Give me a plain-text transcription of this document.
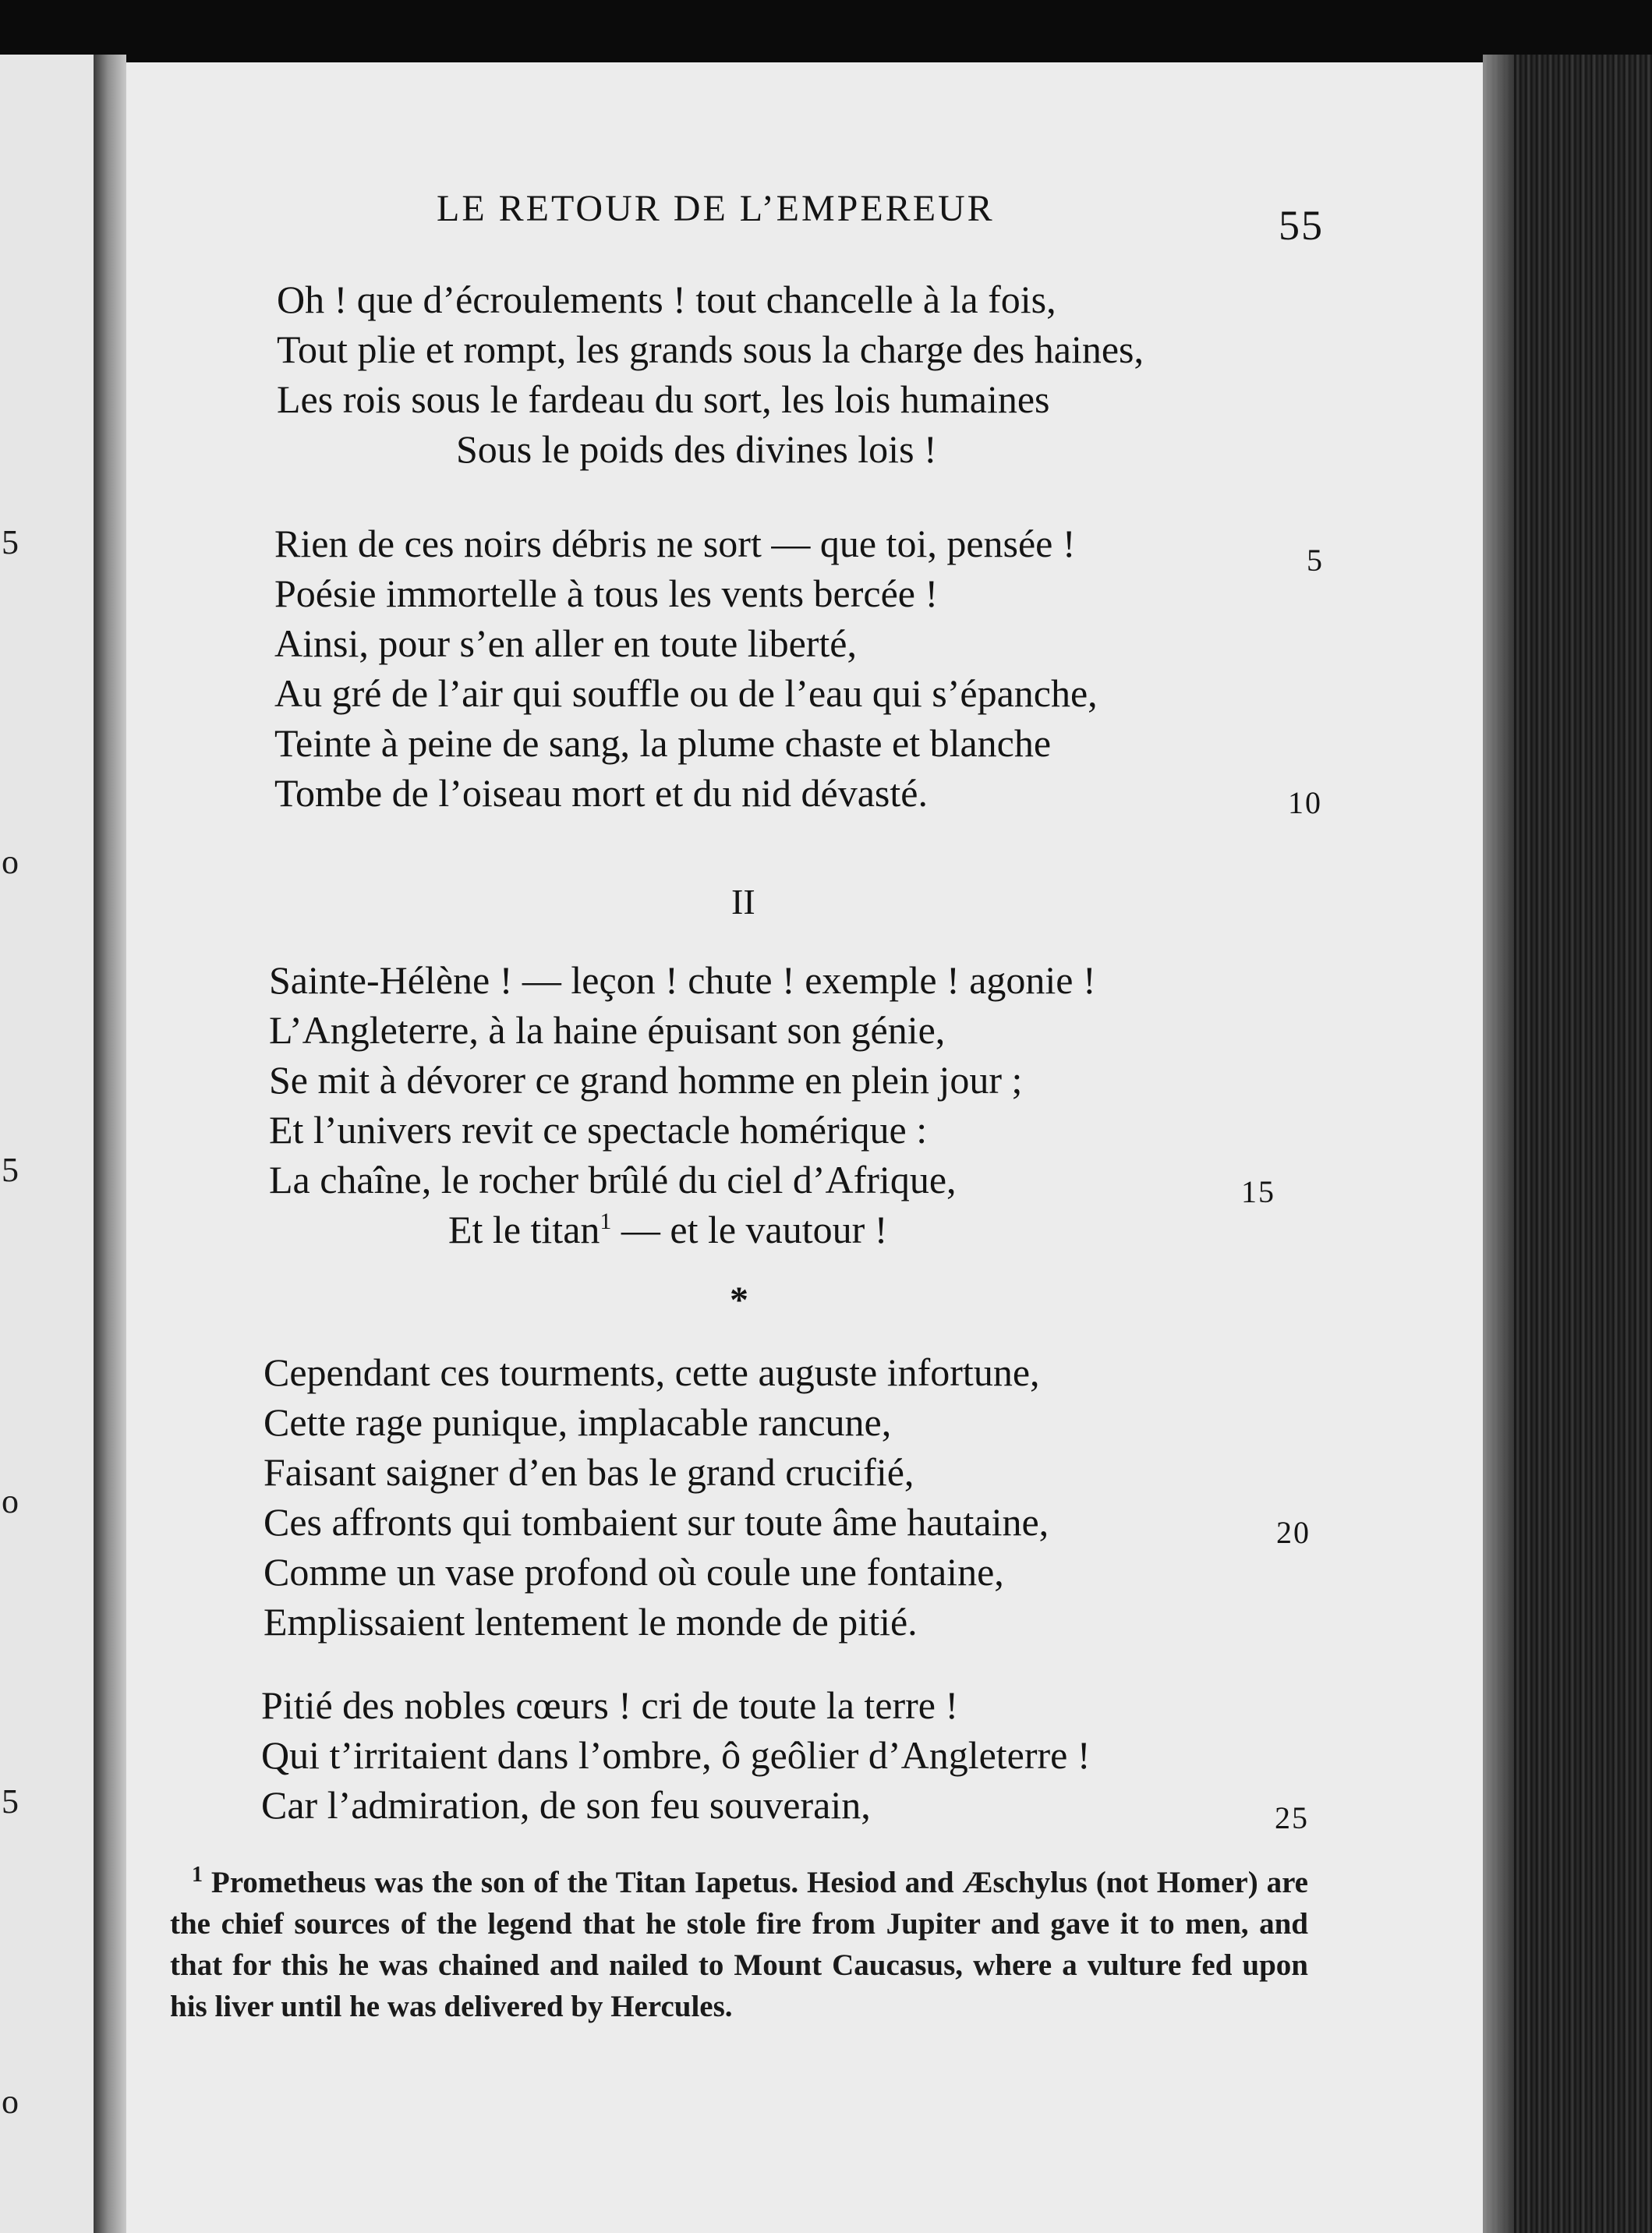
5
o
5
o
5
o
LE RETOUR DE L’EMPEREUR	55
Oh ! que d’écroulements ! tout chancelle à la fois,
Tout plie et rompt, les grands sous la charge des haines,
Les rois sous le fardeau du sort, les lois humaines
Sous le poids des divines lois !
Rien de ces noirs débris ne sort — que toi, pensée !
Poésie immortelle à tous les vents bercée !
Ainsi, pour s’en aller en toute liberté,
Au gré de l’air qui souffle ou de l’eau qui s’épanche,
Teinte à peine de sang, la plume chaste et blanche
Tombe de l’oiseau mort et du nid dévasté.
5
10
II
Sainte-Hélène ! — leçon ! chute ! exemple ! agonie !
L’Angleterre, à la haine épuisant son génie,
Se mit à dévorer ce grand homme en plein jour ;
Et l’univers revit ce spectacle homérique :
La chaîne, le rocher brûlé du ciel d’Afrique,
Et le titan$^1$ — et le vautour !
15
*
Cependant ces tourments, cette auguste infortune,
Cette rage punique, implacable rancune,
Faisant saigner d’en bas le grand crucifié,
Ces affronts qui tombaient sur toute âme hautaine,
Comme un vase profond où coule une fontaine,
Emplissaient lentement le monde de pitié.
20
Pitié des nobles cœurs ! cri de toute la terre !
Qui t’irritaient dans l’ombre, ô geôlier d’Angleterre !
Car l’admiration, de son feu souverain,	25
$^1$ Prometheus was the son of the Titan Iapetus. Hesiod and Æschylus (not Homer) are the chief sources of the legend that he stole fire from Jupiter and gave it to men, and that for this he was chained and nailed to Mount Caucasus, where a vulture fed upon his liver until he was delivered by Hercules.
